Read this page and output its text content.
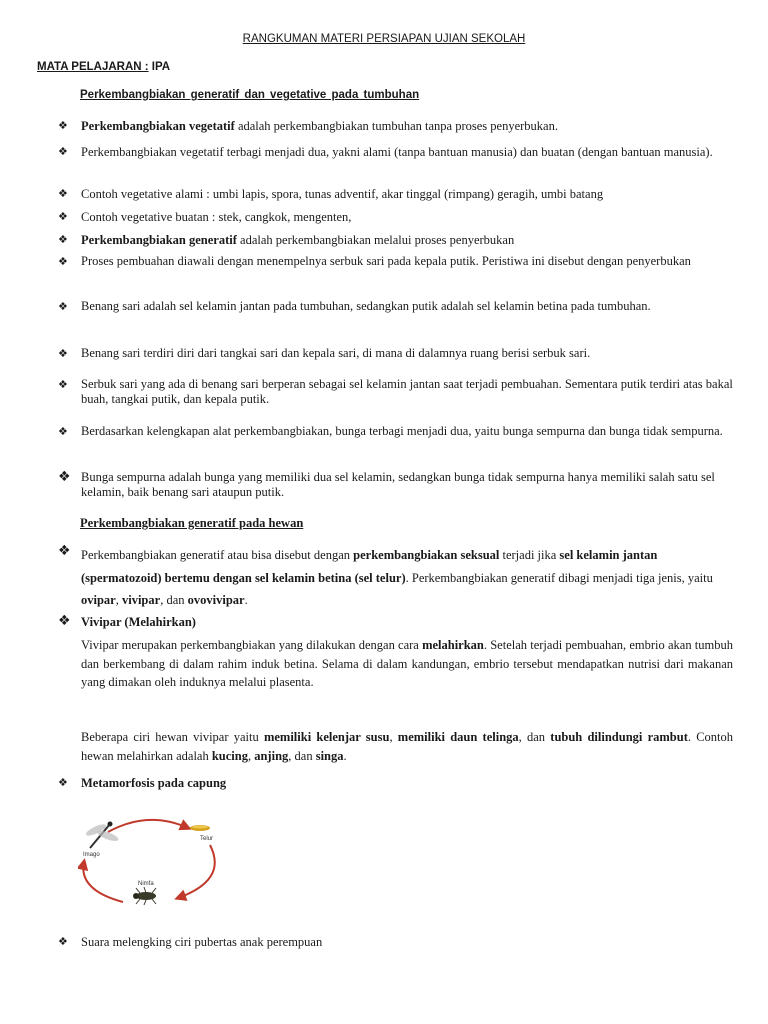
RANGKUMAN MATERI PERSIAPAN UJIAN SEKOLAH
MATA PELAJARAN : IPA
Perkembangbiakan generatif dan vegetative pada tumbuhan
❖	Perkembangbiakan vegetatif adalah perkembangbiakan tumbuhan tanpa proses penyerbukan.
❖	Perkembangbiakan vegetatif terbagi menjadi dua, yakni alami (tanpa bantuan manusia) dan buatan (dengan bantuan manusia).
❖	Contoh vegetative alami : umbi lapis, spora, tunas adventif, akar tinggal (rimpang) geragih, umbi batang
❖	Contoh vegetative buatan : stek, cangkok, mengenten,
❖	Perkembangbiakan generatif adalah perkembangbiakan melalui proses penyerbukan
❖	Proses pembuahan diawali dengan menempelnya serbuk sari pada kepala putik. Peristiwa ini disebut dengan penyerbukan
❖	Benang sari adalah sel kelamin jantan pada tumbuhan, sedangkan putik adalah sel kelamin betina pada tumbuhan.
❖	Benang sari terdiri diri dari tangkai sari dan kepala sari, di mana di dalamnya ruang berisi serbuk sari.
❖	Serbuk sari yang ada di benang sari berperan sebagai sel kelamin jantan saat terjadi pembuahan. Sementara putik terdiri atas bakal buah, tangkai putik, dan kepala putik.
❖	Berdasarkan kelengkapan alat perkembangbiakan, bunga terbagi menjadi dua, yaitu bunga sempurna dan bunga tidak sempurna.
❖ Bunga sempurna adalah bunga yang memiliki dua sel kelamin, sedangkan bunga tidak sempurna hanya memiliki salah satu sel kelamin, baik benang sari ataupun putik.
Perkembangbiakan generatif pada hewan
❖ Perkembangbiakan generatif atau bisa disebut dengan perkembangbiakan seksual terjadi jika sel kelamin jantan (spermatozoid) bertemu dengan sel kelamin betina (sel telur). Perkembangbiakan generatif dibagi menjadi tiga jenis, yaitu ovipar, vivipar, dan ovovivipar.
❖ Vivipar (Melahirkan)
Vivipar merupakan perkembangbiakan yang dilakukan dengan cara melahirkan. Setelah terjadi pembuahan, embrio akan tumbuh dan berkembang di dalam rahim induk betina. Selama di dalam kandungan, embrio tersebut mendapatkan nutrisi dari makanan yang dimakan oleh induknya melalui plasenta.
Beberapa ciri hewan vivipar yaitu memiliki kelenjar susu, memiliki daun telinga, dan tubuh dilindungi rambut. Contoh hewan melahirkan adalah kucing, anjing, dan singa.
❖	Metamorfosis pada capung
Imago
Telur
Nimfa
❖	Suara melengking ciri pubertas anak perempuan
